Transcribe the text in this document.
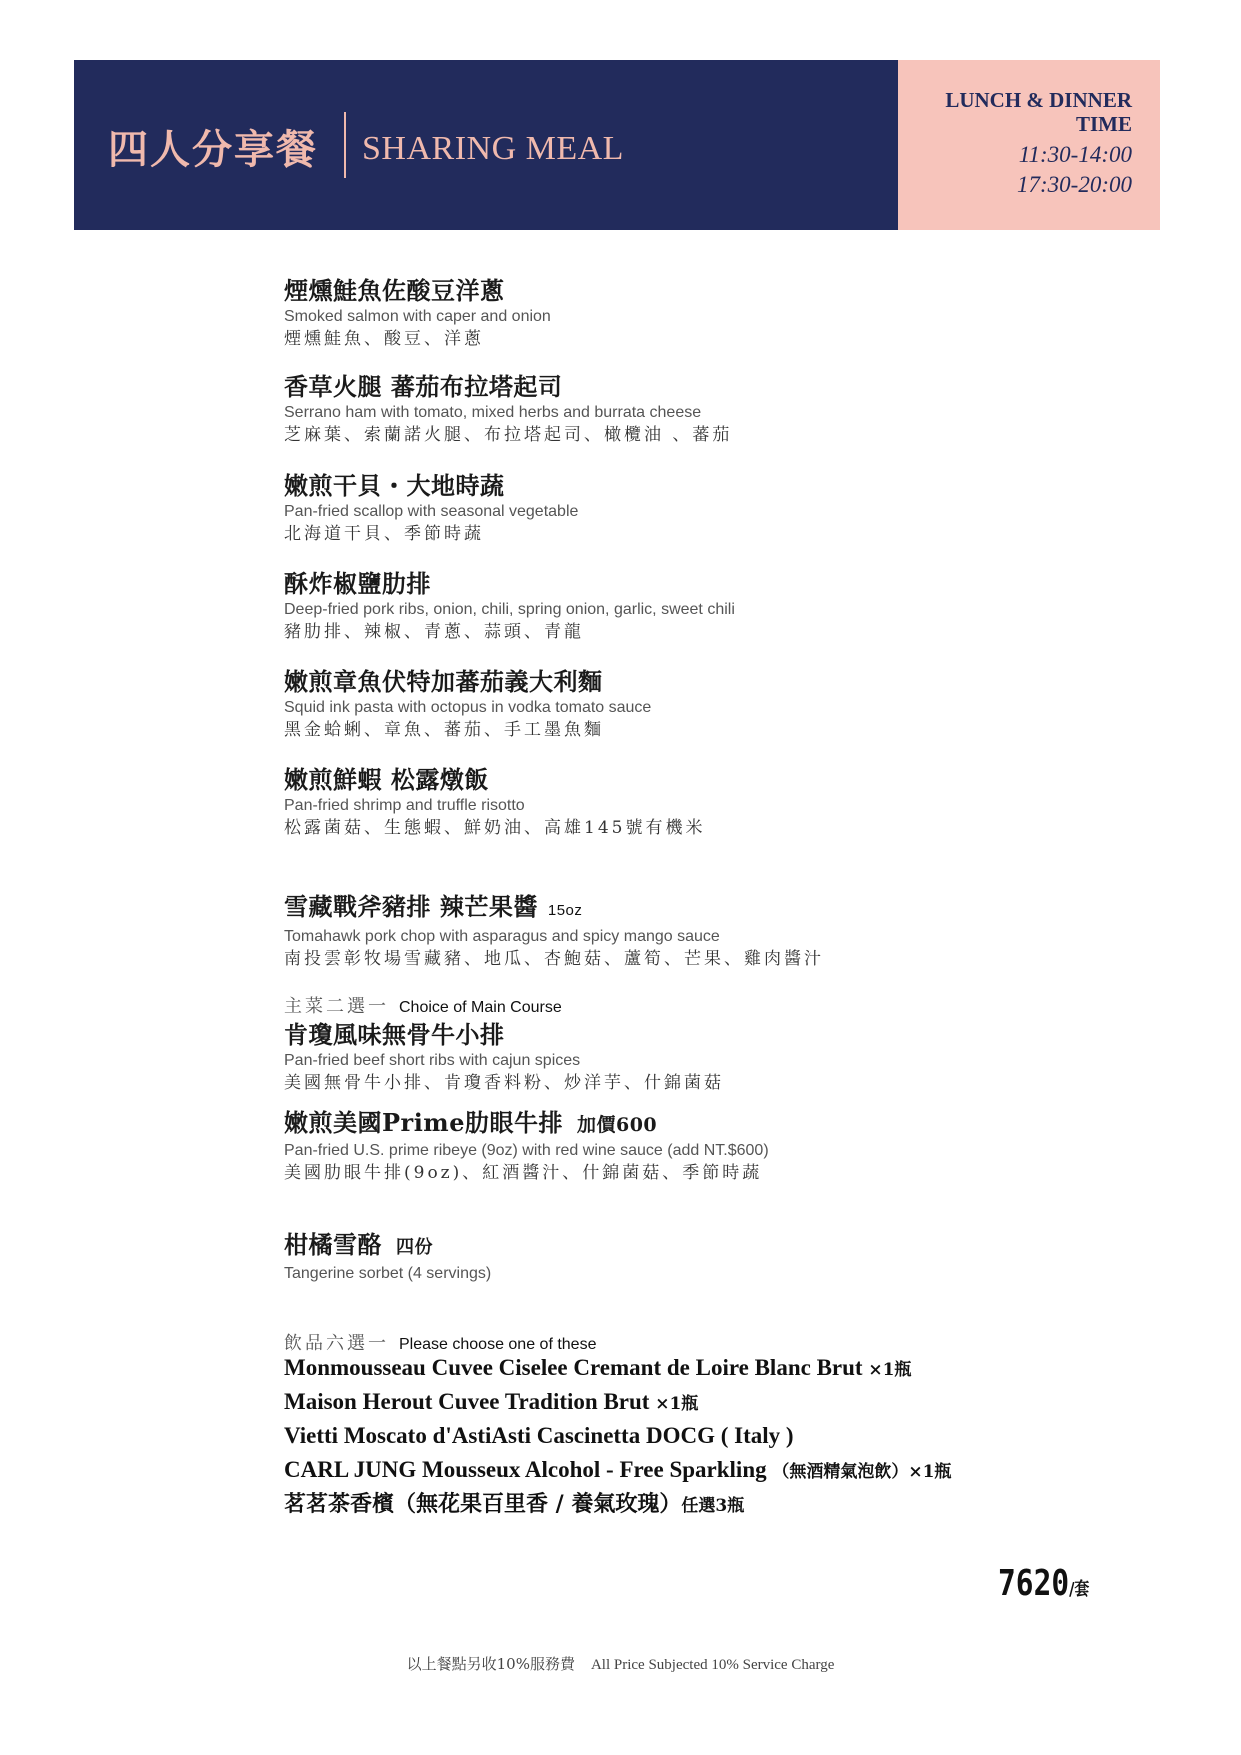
四人分享餐 SHARING MEAL
LUNCH & DINNER
TIME
11:30-14:00
17:30-20:00
煙燻鮭魚佐酸豆洋蔥
Smoked salmon with caper and onion
煙燻鮭魚、酸豆、洋蔥
香草火腿 蕃茄布拉塔起司
Serrano ham with tomato, mixed herbs and burrata cheese
芝麻葉、索蘭諾火腿、布拉塔起司、橄欖油 、蕃茄
嫩煎干貝・大地時蔬
Pan-fried scallop with seasonal vegetable
北海道干貝、季節時蔬
酥炸椒鹽肋排
Deep-fried pork ribs, onion, chili, spring onion, garlic, sweet chili
豬肋排、辣椒、青蔥、蒜頭、青龍
嫩煎章魚伏特加蕃茄義大利麵
Squid ink pasta with octopus in vodka tomato sauce
黑金蛤蜊、章魚、蕃茄、手工墨魚麵
嫩煎鮮蝦 松露燉飯
Pan-fried shrimp and truffle risotto
松露菌菇、生態蝦、鮮奶油、高雄145號有機米
雪藏戰斧豬排 辣芒果醬 15oz
Tomahawk pork chop with asparagus and spicy mango sauce
南投雲彰牧場雪藏豬、地瓜、杏鮑菇、蘆筍、芒果、雞肉醬汁
主菜二選一 Choice of Main Course
肯瓊風味無骨牛小排
Pan-fried beef short ribs with cajun spices
美國無骨牛小排、肯瓊香料粉、炒洋芋、什錦菌菇
嫩煎美國Prime肋眼牛排 加價600
Pan-fried U.S. prime ribeye (9oz) with red wine sauce (add NT.$600)
美國肋眼牛排(9oz)、紅酒醬汁、什錦菌菇、季節時蔬
柑橘雪酪 四份
Tangerine sorbet (4 servings)
飲品六選一 Please choose one of these
Monmousseau Cuvee Ciselee Cremant de Loire Blanc Brut ×1瓶
Maison Herout Cuvee Tradition Brut ×1瓶
Vietti Moscato d'AstiAsti Cascinetta DOCG ( Italy )
CARL JUNG Mousseux Alcohol - Free Sparkling （無酒精氣泡飲）×1瓶
茗茗茶香檳（無花果百里香 / 養氣玫瑰）任選3瓶
7620/套
以上餐點另收10%服務費 All Price Subjected 10% Service Charge
